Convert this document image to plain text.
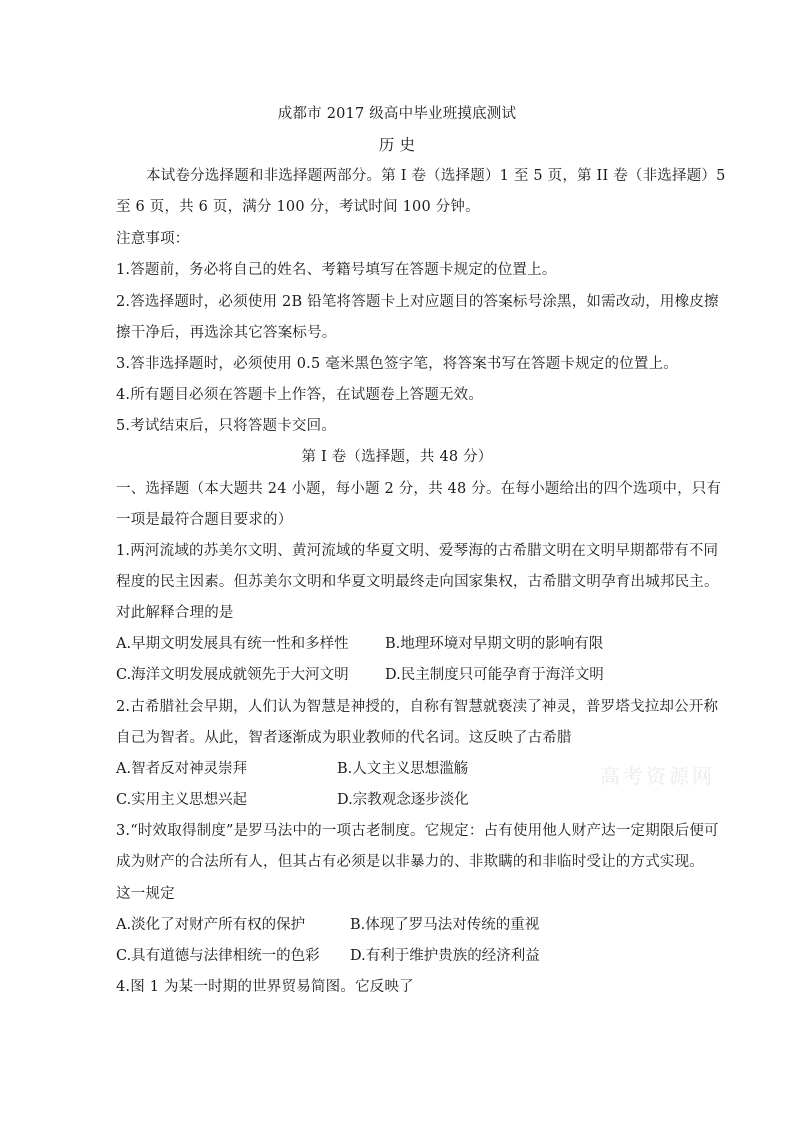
成都市 2017 级高中毕业班摸底测试
历 史
本试卷分选择题和非选择题两部分。第 I 卷（选择题）1 至 5 页，第 II 卷（非选择题）5
至 6 页，共 6 页，满分 100 分，考试时间 100 分钟。
注意事项：
1.答题前，务必将自己的姓名、考籍号填写在答题卡规定的位置上。
2.答选择题时，必须使用 2B 铅笔将答题卡上对应题目的答案标号涂黑，如需改动，用橡皮擦
擦干净后，再选涂其它答案标号。
3.答非选择题时，必须使用 0.5 毫米黑色签字笔，将答案书写在答题卡规定的位置上。
4.所有题目必须在答题卡上作答，在试题卷上答题无效。
5.考试结束后，只将答题卡交回。
第 I 卷（选择题，共 48 分）
一、选择题（本大题共 24 小题，每小题 2 分，共 48 分。在每小题给出的四个选项中，只有
一项是最符合题目要求的）
1.两河流域的苏美尔文明、黄河流域的华夏文明、爱琴海的古希腊文明在文明早期都带有不同
程度的民主因素。但苏美尔文明和华夏文明最终走向国家集权，古希腊文明孕育出城邦民主。
对此解释合理的是
A.早期文明发展具有统一性和多样性	B.地理环境对早期文明的影响有限
C.海洋文明发展成就领先于大河文明	D.民主制度只可能孕育于海洋文明
2.古希腊社会早期，人们认为智慧是神授的，自称有智慧就亵渎了神灵，普罗塔戈拉却公开称
自己为智者。从此，智者逐渐成为职业教师的代名词。这反映了古希腊
A.智者反对神灵崇拜	B.人文主义思想滥觞
C.实用主义思想兴起	D.宗教观念逐步淡化
3.“时效取得制度”是罗马法中的一项古老制度。它规定：占有使用他人财产达一定期限后便可
成为财产的合法所有人，但其占有必须是以非暴力的、非欺瞒的和非临时受让的方式实现。
这一规定
A.淡化了对财产所有权的保护	B.体现了罗马法对传统的重视
C.具有道德与法律相统一的色彩 D.有利于维护贵族的经济利益
4.图 1 为某一时期的世界贸易简图。它反映了
高考资源网
